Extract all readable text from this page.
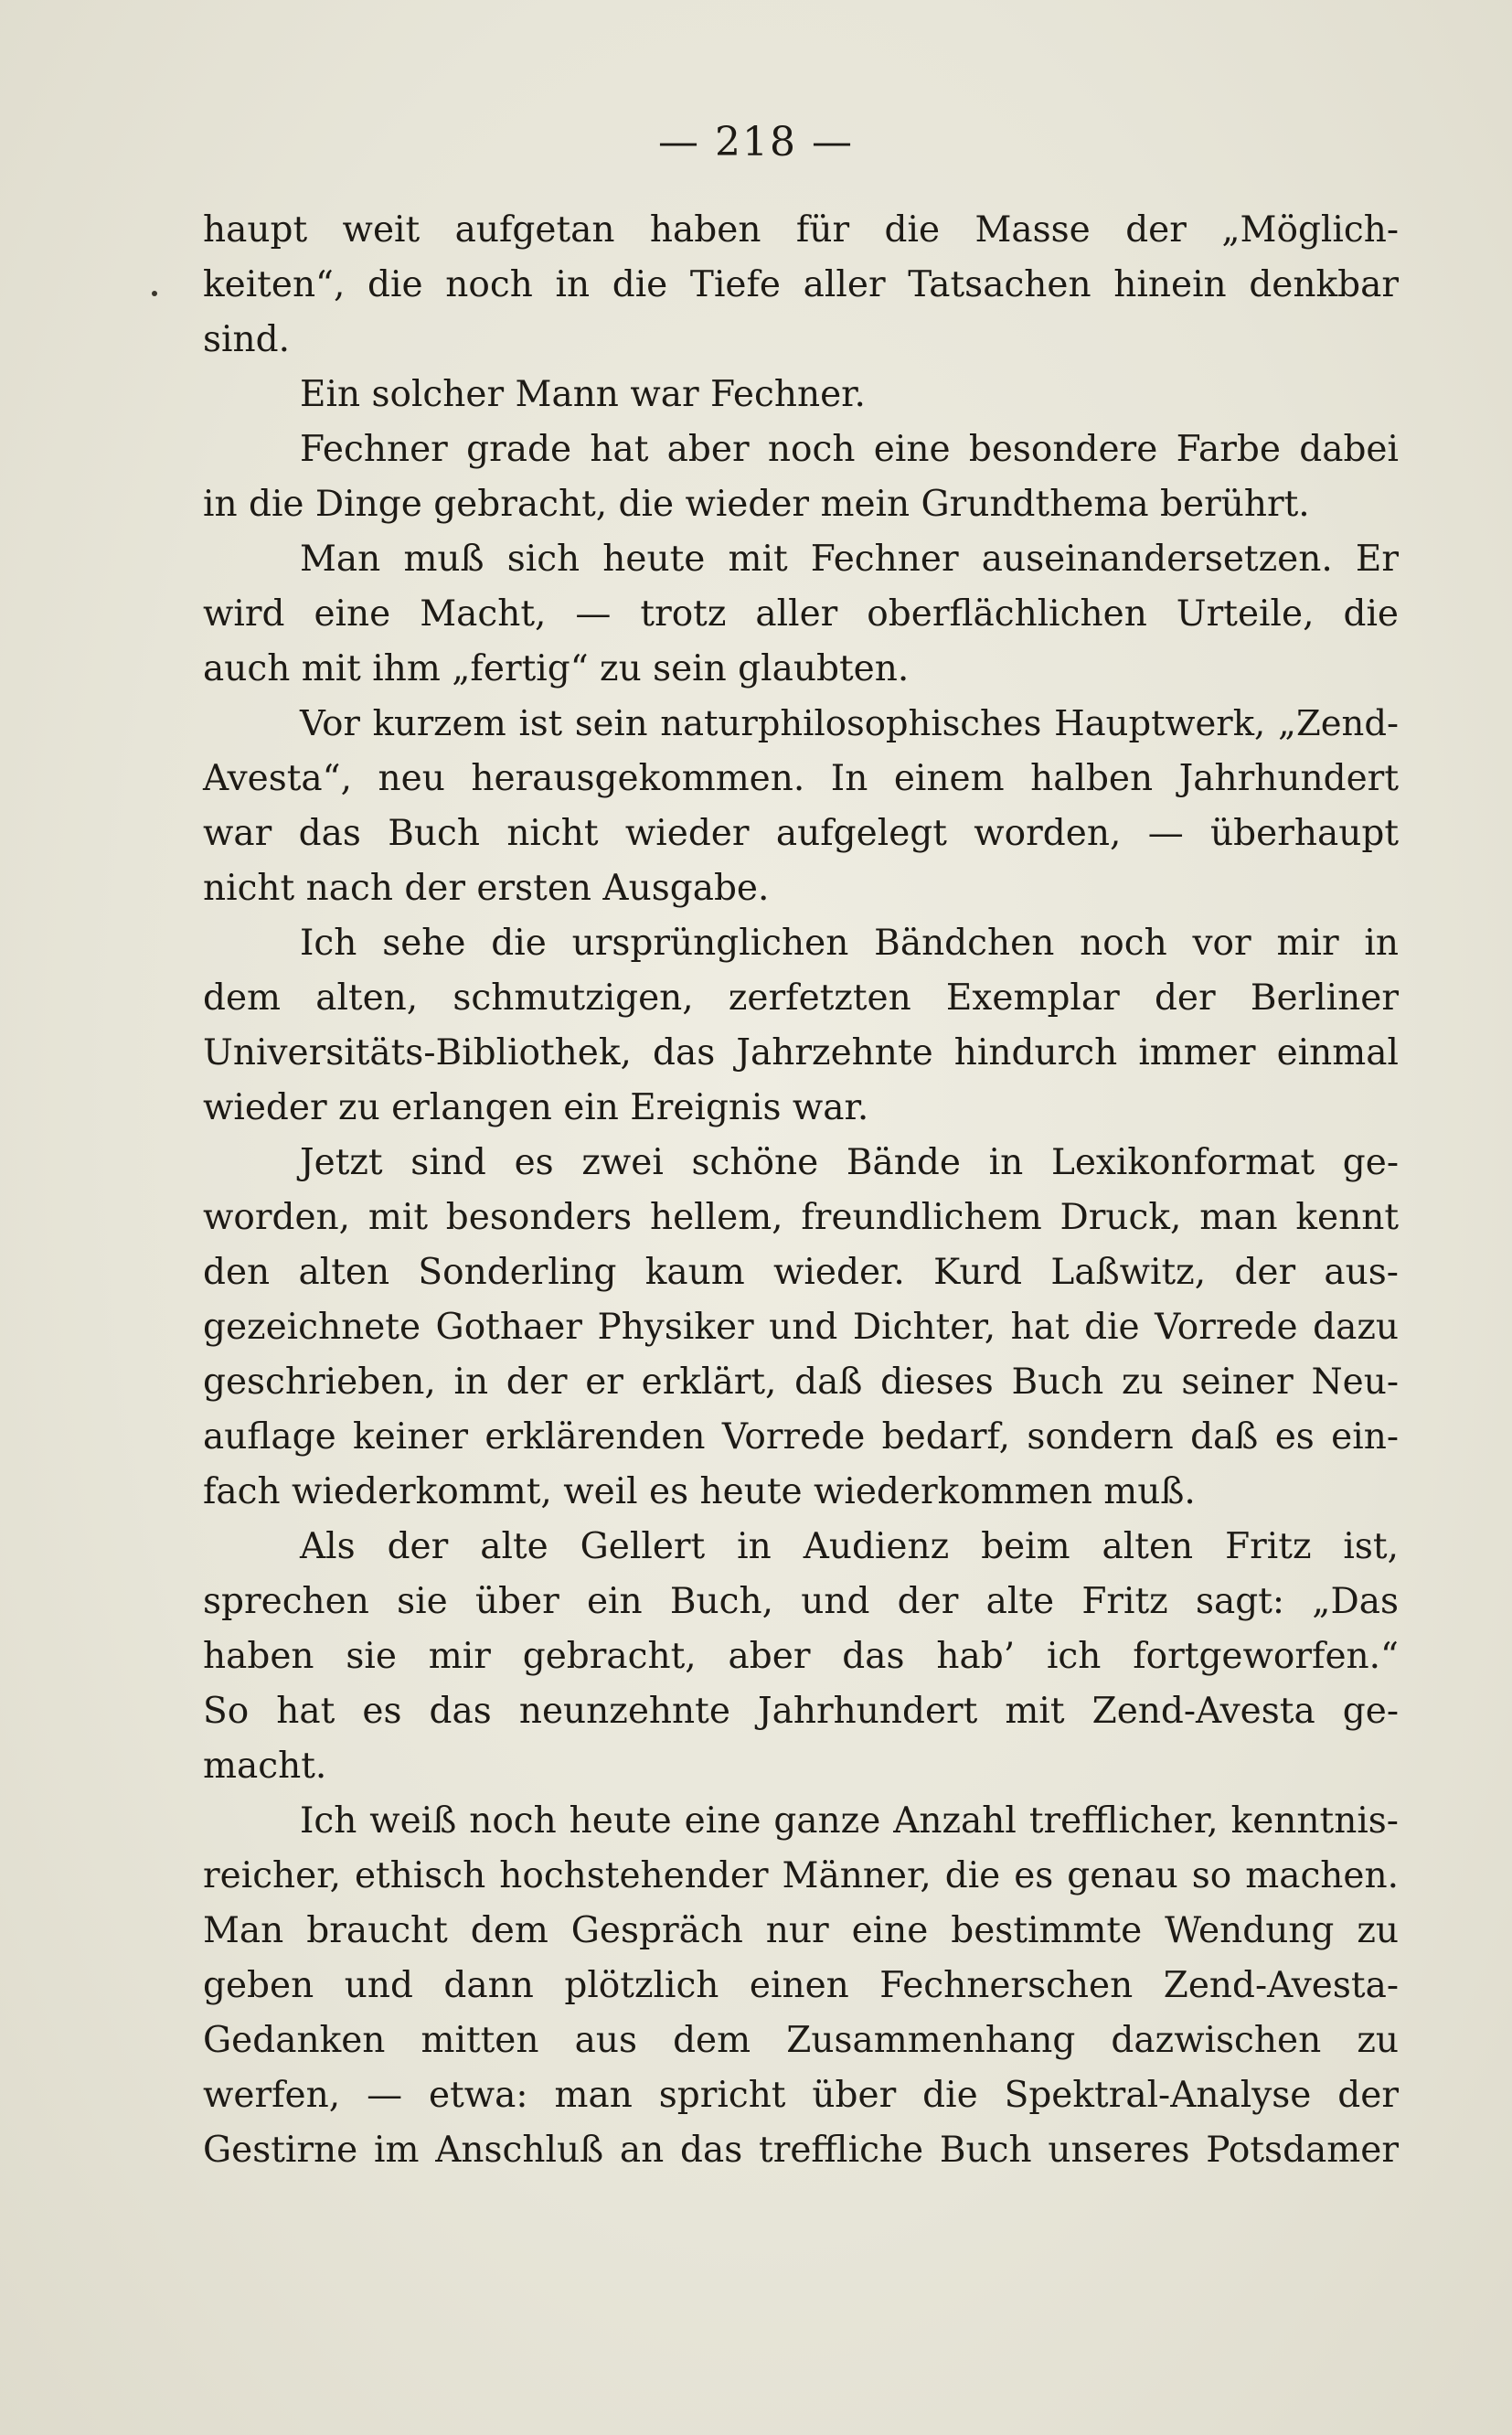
— 218 —
haupt weit aufgetan haben für die Masse der „Möglich-
keiten“, die noch in die Tiefe aller Tatsachen hinein denkbar
sind.
Ein solcher Mann war Fechner.
Fechner grade hat aber noch eine besondere Farbe dabei
in die Dinge gebracht, die wieder mein Grundthema berührt.
Man muß sich heute mit Fechner auseinandersetzen. Er
wird eine Macht, — trotz aller oberflächlichen Urteile, die
auch mit ihm „fertig“ zu sein glaubten.
Vor kurzem ist sein naturphilosophisches Hauptwerk, „Zend-
Avesta“, neu herausgekommen. In einem halben Jahrhundert
war das Buch nicht wieder aufgelegt worden, — überhaupt
nicht nach der ersten Ausgabe.
Ich sehe die ursprünglichen Bändchen noch vor mir in
dem alten, schmutzigen, zerfetzten Exemplar der Berliner
Universitäts-Bibliothek, das Jahrzehnte hindurch immer einmal
wieder zu erlangen ein Ereignis war.
Jetzt sind es zwei schöne Bände in Lexikonformat ge-
worden, mit besonders hellem, freundlichem Druck, man kennt
den alten Sonderling kaum wieder. Kurd Laßwitz, der aus-
gezeichnete Gothaer Physiker und Dichter, hat die Vorrede dazu
geschrieben, in der er erklärt, daß dieses Buch zu seiner Neu-
auflage keiner erklärenden Vorrede bedarf, sondern daß es ein-
fach wiederkommt, weil es heute wiederkommen muß.
Als der alte Gellert in Audienz beim alten Fritz ist,
sprechen sie über ein Buch, und der alte Fritz sagt: „Das
haben sie mir gebracht, aber das hab’ ich fortgeworfen.“
So hat es das neunzehnte Jahrhundert mit Zend-Avesta ge-
macht.
Ich weiß noch heute eine ganze Anzahl trefflicher, kenntnis-
reicher, ethisch hochstehender Männer, die es genau so machen.
Man braucht dem Gespräch nur eine bestimmte Wendung zu
geben und dann plötzlich einen Fechnerschen Zend-Avesta-
Gedanken mitten aus dem Zusammenhang dazwischen zu
werfen, — etwa: man spricht über die Spektral-Analyse der
Gestirne im Anschluß an das treffliche Buch unseres Potsdamer
